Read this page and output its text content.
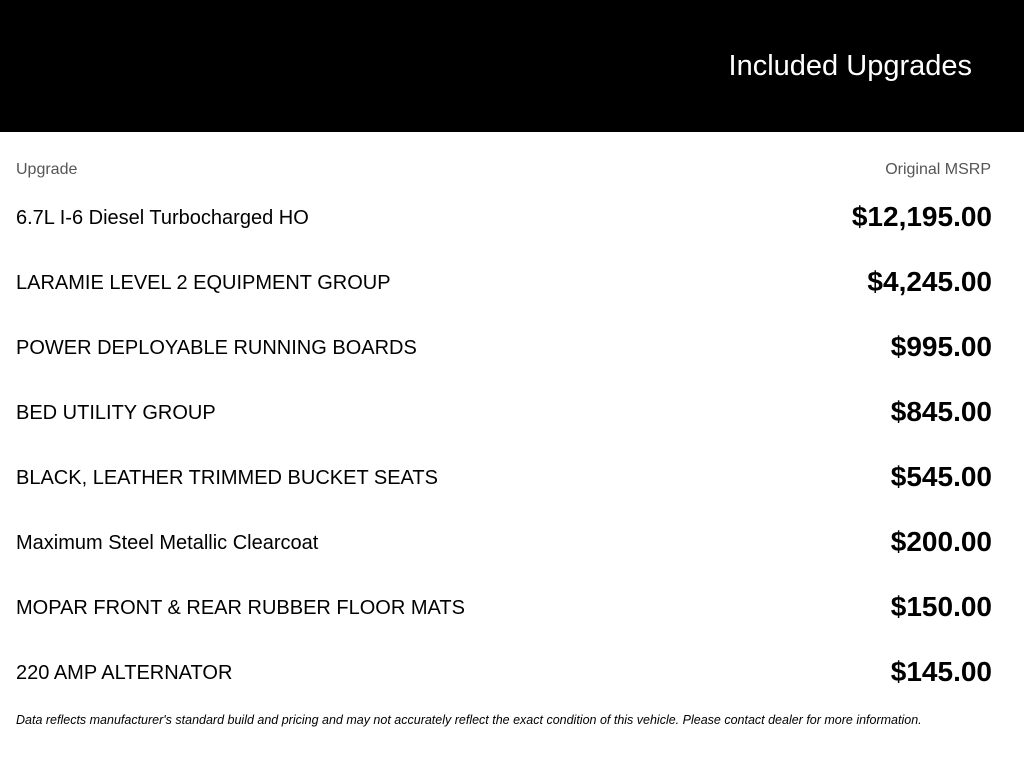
Included Upgrades
Upgrade	Original MSRP
6.7L I-6 Diesel Turbocharged HO	$12,195.00
LARAMIE LEVEL 2 EQUIPMENT GROUP	$4,245.00
POWER DEPLOYABLE RUNNING BOARDS	$995.00
BED UTILITY GROUP	$845.00
BLACK, LEATHER TRIMMED BUCKET SEATS	$545.00
Maximum Steel Metallic Clearcoat	$200.00
MOPAR FRONT & REAR RUBBER FLOOR MATS	$150.00
220 AMP ALTERNATOR	$145.00
Data reflects manufacturer's standard build and pricing and may not accurately reflect the exact condition of this vehicle. Please contact dealer for more information.
